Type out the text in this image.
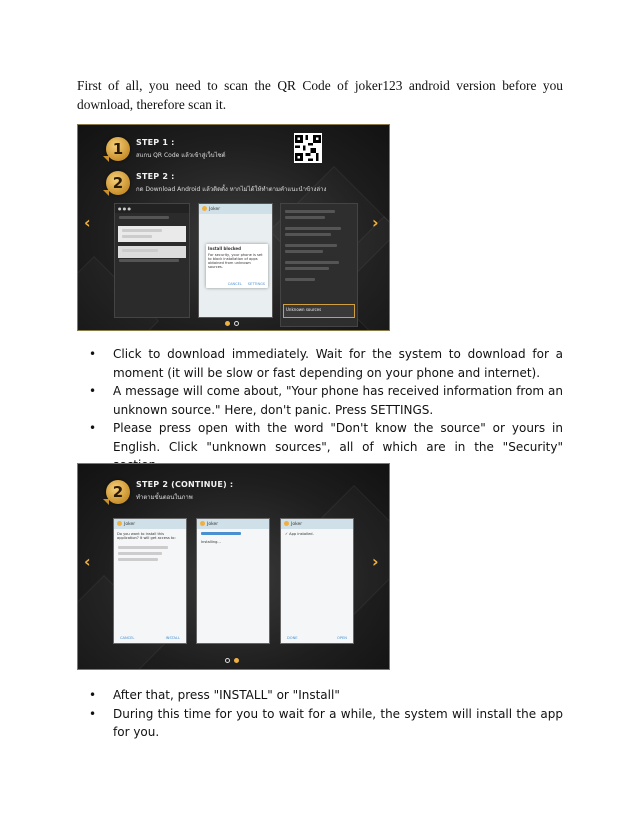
First of all, you need to scan the QR Code of joker123 android version before you download, therefore scan it.

1	STEP 1 :
สแกน QR Code แล้วเข้าสู่เว็บไซต์
2	STEP 2 :
กด Download Android แล้วติดตั้ง หากไม่ได้ให้ทำตามคำแนะนำข้างล่าง
‹	›
● ● ●	Joker
Install blocked
For security, your phone is set to block installation of apps obtained from unknown sources.
CANCEL SETTINGS
Unknown sources
• Click to download immediately. Wait for the system to download for a moment (it will be slow or fast depending on your phone and internet).
• A message will come about, "Your phone has received information from an unknown source." Here, don't panic. Press SETTINGS.
• Please press open with the word "Don't know the source" or yours in English. Click "unknown sources", all of which are in the "Security"
2	STEP 2 (CONTINUE) :
ทำตามขั้นตอนในภาพ
‹	›
Joker
Do you want to install this application? It will get access to:
CANCEL	INSTALL
Joker
Installing...
Joker
✓ App installed.
DONE	OPEN
• After that, press "INSTALL" or "Install"
• During this time for you to wait for a while, the system will install the app for you.
